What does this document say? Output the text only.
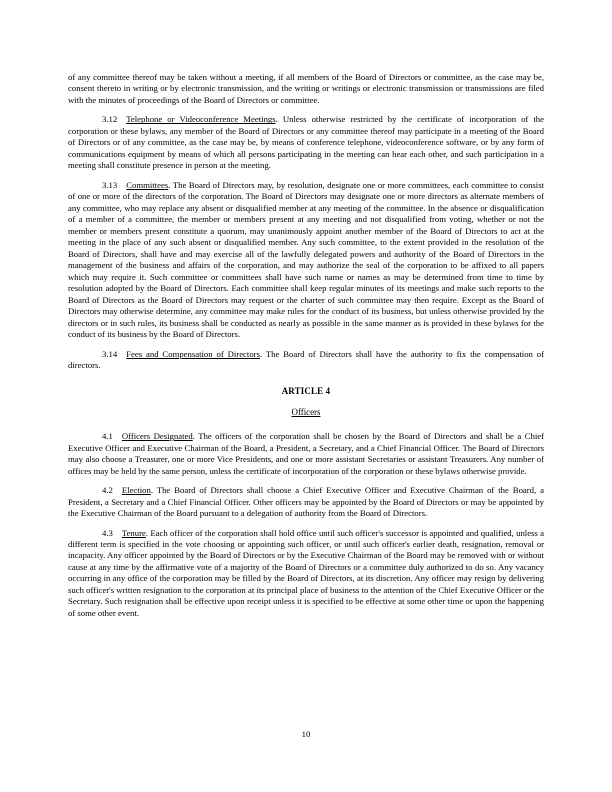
of any committee thereof may be taken without a meeting, if all members of the Board of Directors or committee, as the case may be, consent thereto in writing or by electronic transmission, and the writing or writings or electronic transmission or transmissions are filed with the minutes of proceedings of the Board of Directors or committee.

3.12 Telephone or Videoconference Meetings. Unless otherwise restricted by the certificate of incorporation of the corporation or these bylaws, any member of the Board of Directors or any committee thereof may participate in a meeting of the Board of Directors or of any committee, as the case may be, by means of conference telephone, videoconference software, or by any form of communications equipment by means of which all persons participating in the meeting can hear each other, and such participation in a meeting shall constitute presence in person at the meeting.

3.13 Committees. The Board of Directors may, by resolution, designate one or more committees, each committee to consist of one or more of the directors of the corporation. The Board of Directors may designate one or more directors as alternate members of any committee, who may replace any absent or disqualified member at any meeting of the committee. In the absence or disqualification of a member of a committee, the member or members present at any meeting and not disqualified from voting, whether or not the member or members present constitute a quorum, may unanimously appoint another member of the Board of Directors to act at the meeting in the place of any such absent or disqualified member. Any such committee, to the extent provided in the resolution of the Board of Directors, shall have and may exercise all of the lawfully delegated powers and authority of the Board of Directors in the management of the business and affairs of the corporation, and may authorize the seal of the corporation to be affixed to all papers which may require it. Such committee or committees shall have such name or names as may be determined from time to time by resolution adopted by the Board of Directors. Each committee shall keep regular minutes of its meetings and make such reports to the Board of Directors as the Board of Directors may request or the charter of such committee may then require. Except as the Board of Directors may otherwise determine, any committee may make rules for the conduct of its business, but unless otherwise provided by the directors or in such rules, its business shall be conducted as nearly as possible in the same manner as is provided in these bylaws for the conduct of its business by the Board of Directors.

3.14 Fees and Compensation of Directors. The Board of Directors shall have the authority to fix the compensation of directors.

ARTICLE 4
Officers

4.1 Officers Designated. The officers of the corporation shall be chosen by the Board of Directors and shall be a Chief Executive Officer and Executive Chairman of the Board, a President, a Secretary, and a Chief Financial Officer. The Board of Directors may also choose a Treasurer, one or more Vice Presidents, and one or more assistant Secretaries or assistant Treasurers. Any number of offices may be held by the same person, unless the certificate of incorporation of the corporation or these bylaws otherwise provide.

4.2 Election. The Board of Directors shall choose a Chief Executive Officer and Executive Chairman of the Board, a President, a Secretary and a Chief Financial Officer. Other officers may be appointed by the Board of Directors or may be appointed by the Executive Chairman of the Board pursuant to a delegation of authority from the Board of Directors.

4.3 Tenure. Each officer of the corporation shall hold office until such officer's successor is appointed and qualified, unless a different term is specified in the vote choosing or appointing such officer, or until such officer's earlier death, resignation, removal or incapacity. Any officer appointed by the Board of Directors or by the Executive Chairman of the Board may be removed with or without cause at any time by the affirmative vote of a majority of the Board of Directors or a committee duly authorized to do so. Any vacancy occurring in any office of the corporation may be filled by the Board of Directors, at its discretion. Any officer may resign by delivering such officer's written resignation to the corporation at its principal place of business to the attention of the Chief Executive Officer or the Secretary. Such resignation shall be effective upon receipt unless it is specified to be effective at some other time or upon the happening of some other event.

10
